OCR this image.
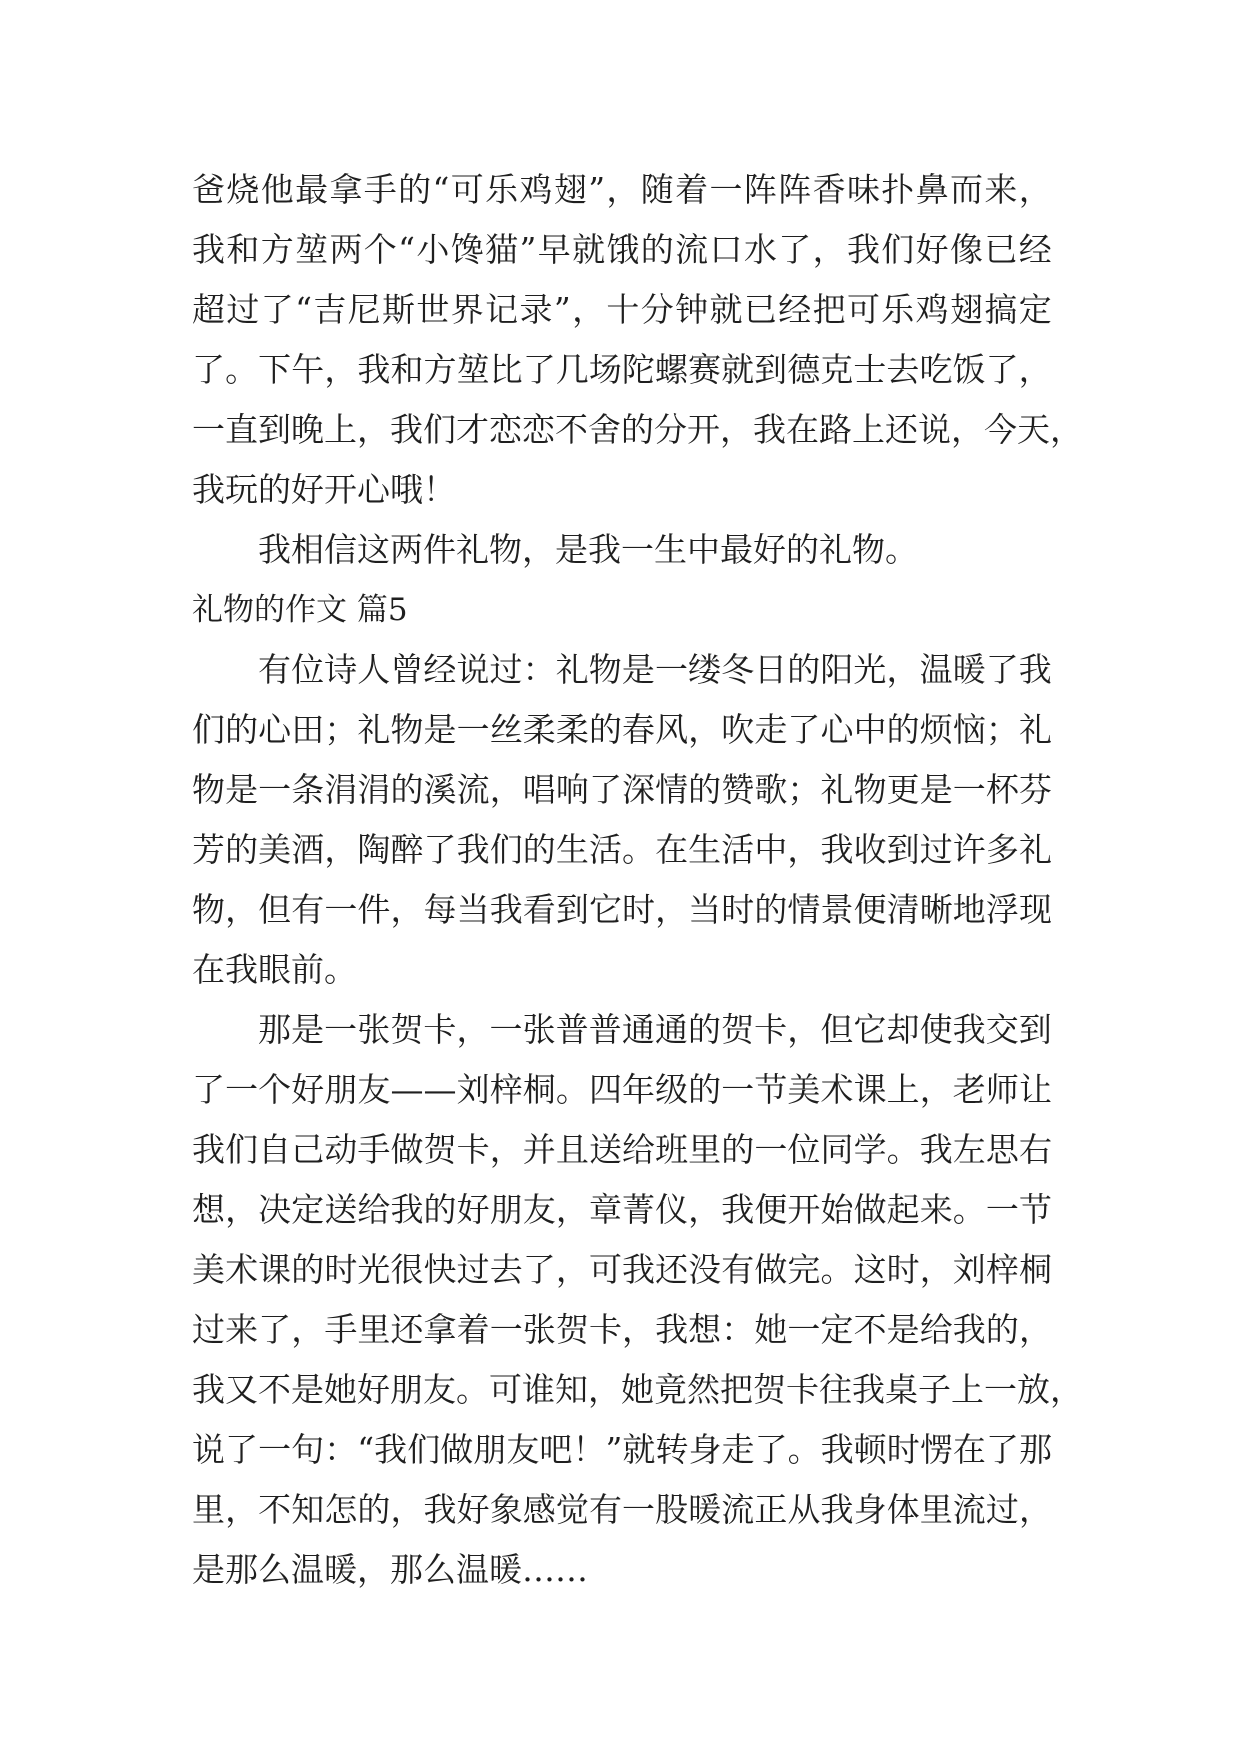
爸 烧 他 最 拿 手 的 “ 可 乐 鸡 翅 ” ， 随 着 一 阵 阵 香 味 扑 鼻 而 来 ，
我 和 方 堃 两 个 “ 小 馋 猫 ” 早 就 饿 的 流 口 水 了 ， 我 们 好 像 已 经
超 过 了 “ 吉 尼 斯 世 界 记 录 ” ， 十 分 钟 就 已 经 把 可 乐 鸡 翅 搞 定
了 。 下 午 ， 我 和 方 堃 比 了 几 场 陀 螺 赛 就 到 德 克 士 去 吃 饭 了 ，
一 直 到 晚 上 ， 我 们 才 恋 恋 不 舍 的 分 开 ， 我 在 路 上 还 说 ， 今 天 ，
我玩的好开心哦！
我相信这两件礼物，是我一生中最好的礼物。
礼物的作文 篇5
有 位 诗 人 曾 经 说 过 ： 礼 物 是 一 缕 冬 日 的 阳 光 ， 温 暖 了 我
们 的 心 田 ； 礼 物 是 一 丝 柔 柔 的 春 风 ， 吹 走 了 心 中 的 烦 恼 ； 礼
物 是 一 条 涓 涓 的 溪 流 ， 唱 响 了 深 情 的 赞 歌 ； 礼 物 更 是 一 杯 芬
芳 的 美 酒 ， 陶 醉 了 我 们 的 生 活 。 在 生 活 中 ， 我 收 到 过 许 多 礼
物 ， 但 有 一 件 ， 每 当 我 看 到 它 时 ， 当 时 的 情 景 便 清 晰 地 浮 现
在我眼前。
那 是 一 张 贺 卡 ， 一 张 普 普 通 通 的 贺 卡 ， 但 它 却 使 我 交 到
了 一 个 好 朋 友 — — 刘 梓 桐 。 四 年 级 的 一 节 美 术 课 上 ， 老 师 让
我 们 自 己 动 手 做 贺 卡 ， 并 且 送 给 班 里 的 一 位 同 学 。 我 左 思 右
想 ， 决 定 送 给 我 的 好 朋 友 ， 章 菁 仪 ， 我 便 开 始 做 起 来 。 一 节
美 术 课 的 时 光 很 快 过 去 了 ， 可 我 还 没 有 做 完 。 这 时 ， 刘 梓 桐
过 来 了 ， 手 里 还 拿 着 一 张 贺 卡 ， 我 想 ： 她 一 定 不 是 给 我 的 ，
我 又 不 是 她 好 朋 友 。 可 谁 知 ， 她 竟 然 把 贺 卡 往 我 桌 子 上 一 放 ，
说 了 一 句 ： “ 我 们 做 朋 友 吧 ！ ” 就 转 身 走 了 。 我 顿 时 愣 在 了 那
里 ， 不 知 怎 的 ， 我 好 象 感 觉 有 一 股 暖 流 正 从 我 身 体 里 流 过 ，
是那么温暖，那么温暖……
